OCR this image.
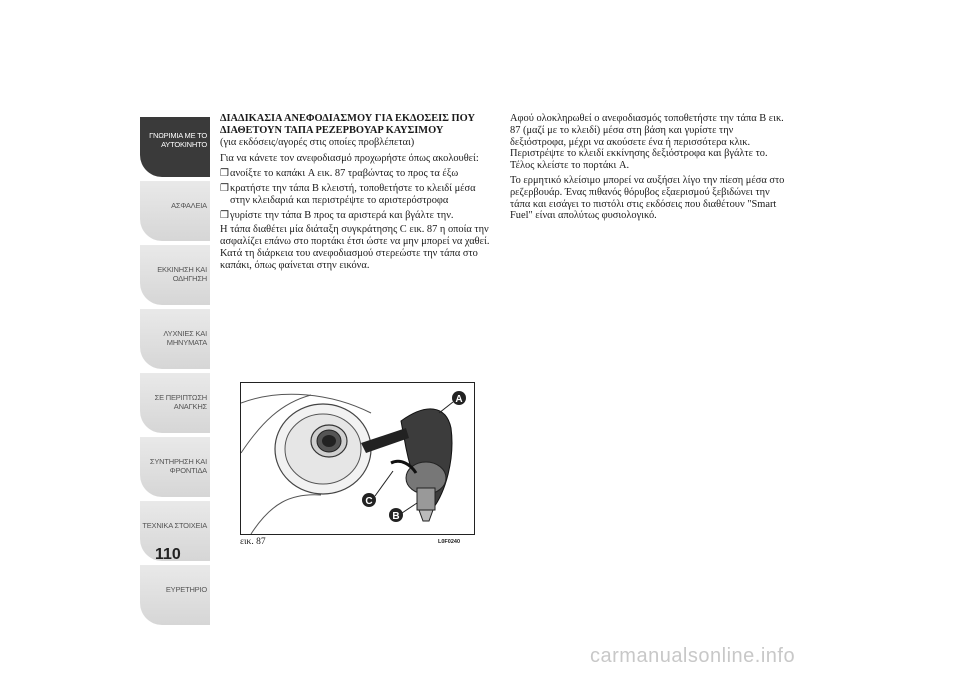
ΓΝΩΡΙΜΙΑ ΜΕ ΤΟ
ΑΥΤΟΚΙΝΗΤΟ
ΑΣΦΑΛΕΙΑ
ΕΚΚΙΝΗΣΗ ΚΑΙ
ΟΔΗΓΗΣΗ
ΛΥΧΝΙΕΣ ΚΑΙ
ΜΗΝΥΜΑΤΑ
ΣΕ ΠΕΡΙΠΤΩΣΗ
ΑΝΑΓΚΗΣ
ΣΥΝΤΗΡΗΣΗ ΚΑΙ
ΦΡΟΝΤΙΔΑ
ΤΕΧΝΙΚΑ ΣΤΟΙΧΕΙΑ
ΕΥΡΕΤΗΡΙΟ
110

ΔΙΑΔΙΚΑΣΙΑ ΑΝΕΦΟΔΙΑΣΜΟΥ ΓΙΑ ΕΚΔΟΣΕΙΣ ΠΟΥ ΔΙΑΘΕΤΟΥΝ ΤΑΠΑ ΡΕΖΕΡΒΟΥΑΡ ΚΑΥΣΙΜΟΥ

(για εκδόσεις/αγορές στις οποίες προβλέπεται)

Για να κάνετε τον ανεφοδιασμό προχωρήστε όπως ακολουθεί:

❒ ανοίξτε το καπάκι A εικ. 87 τραβώντας το προς τα έξω
❒ κρατήστε την τάπα B κλειστή, τοποθετήστε το κλειδί μέσα στην κλειδαριά και περιστρέψτε το αριστερόστροφα
❒ γυρίστε την τάπα B προς τα αριστερά και βγάλτε την.

Η τάπα διαθέτει μία διάταξη συγκράτησης C εικ. 87 η οποία την ασφαλίζει επάνω στο πορτάκι έτσι ώστε να μην μπορεί να χαθεί. Κατά τη διάρκεια του ανεφοδιασμού στερεώστε την τάπα στο καπάκι, όπως φαίνεται στην εικόνα.

Αφού ολοκληρωθεί ο ανεφοδιασμός τοποθετήστε την τάπα B εικ. 87 (μαζί με το κλειδί) μέσα στη βάση και γυρίστε την δεξιόστροφα, μέχρι να ακούσετε ένα ή περισσότερα κλικ. Περιστρέψτε το κλειδί εκκίνησης δεξιόστροφα και βγάλτε το. Τέλος κλείστε το πορτάκι A.

Το ερμητικό κλείσιμο μπορεί να αυξήσει λίγο την πίεση μέσα στο ρεζερβουάρ. Ένας πιθανός θόρυβος εξαερισμού ξεβιδώνει την τάπα και εισάγει το πιστόλι στις εκδόσεις που διαθέτουν "Smart Fuel" είναι απολύτως φυσιολογικό.

A
B
C
εικ. 87	L0F0240
carmanualsonline.info
